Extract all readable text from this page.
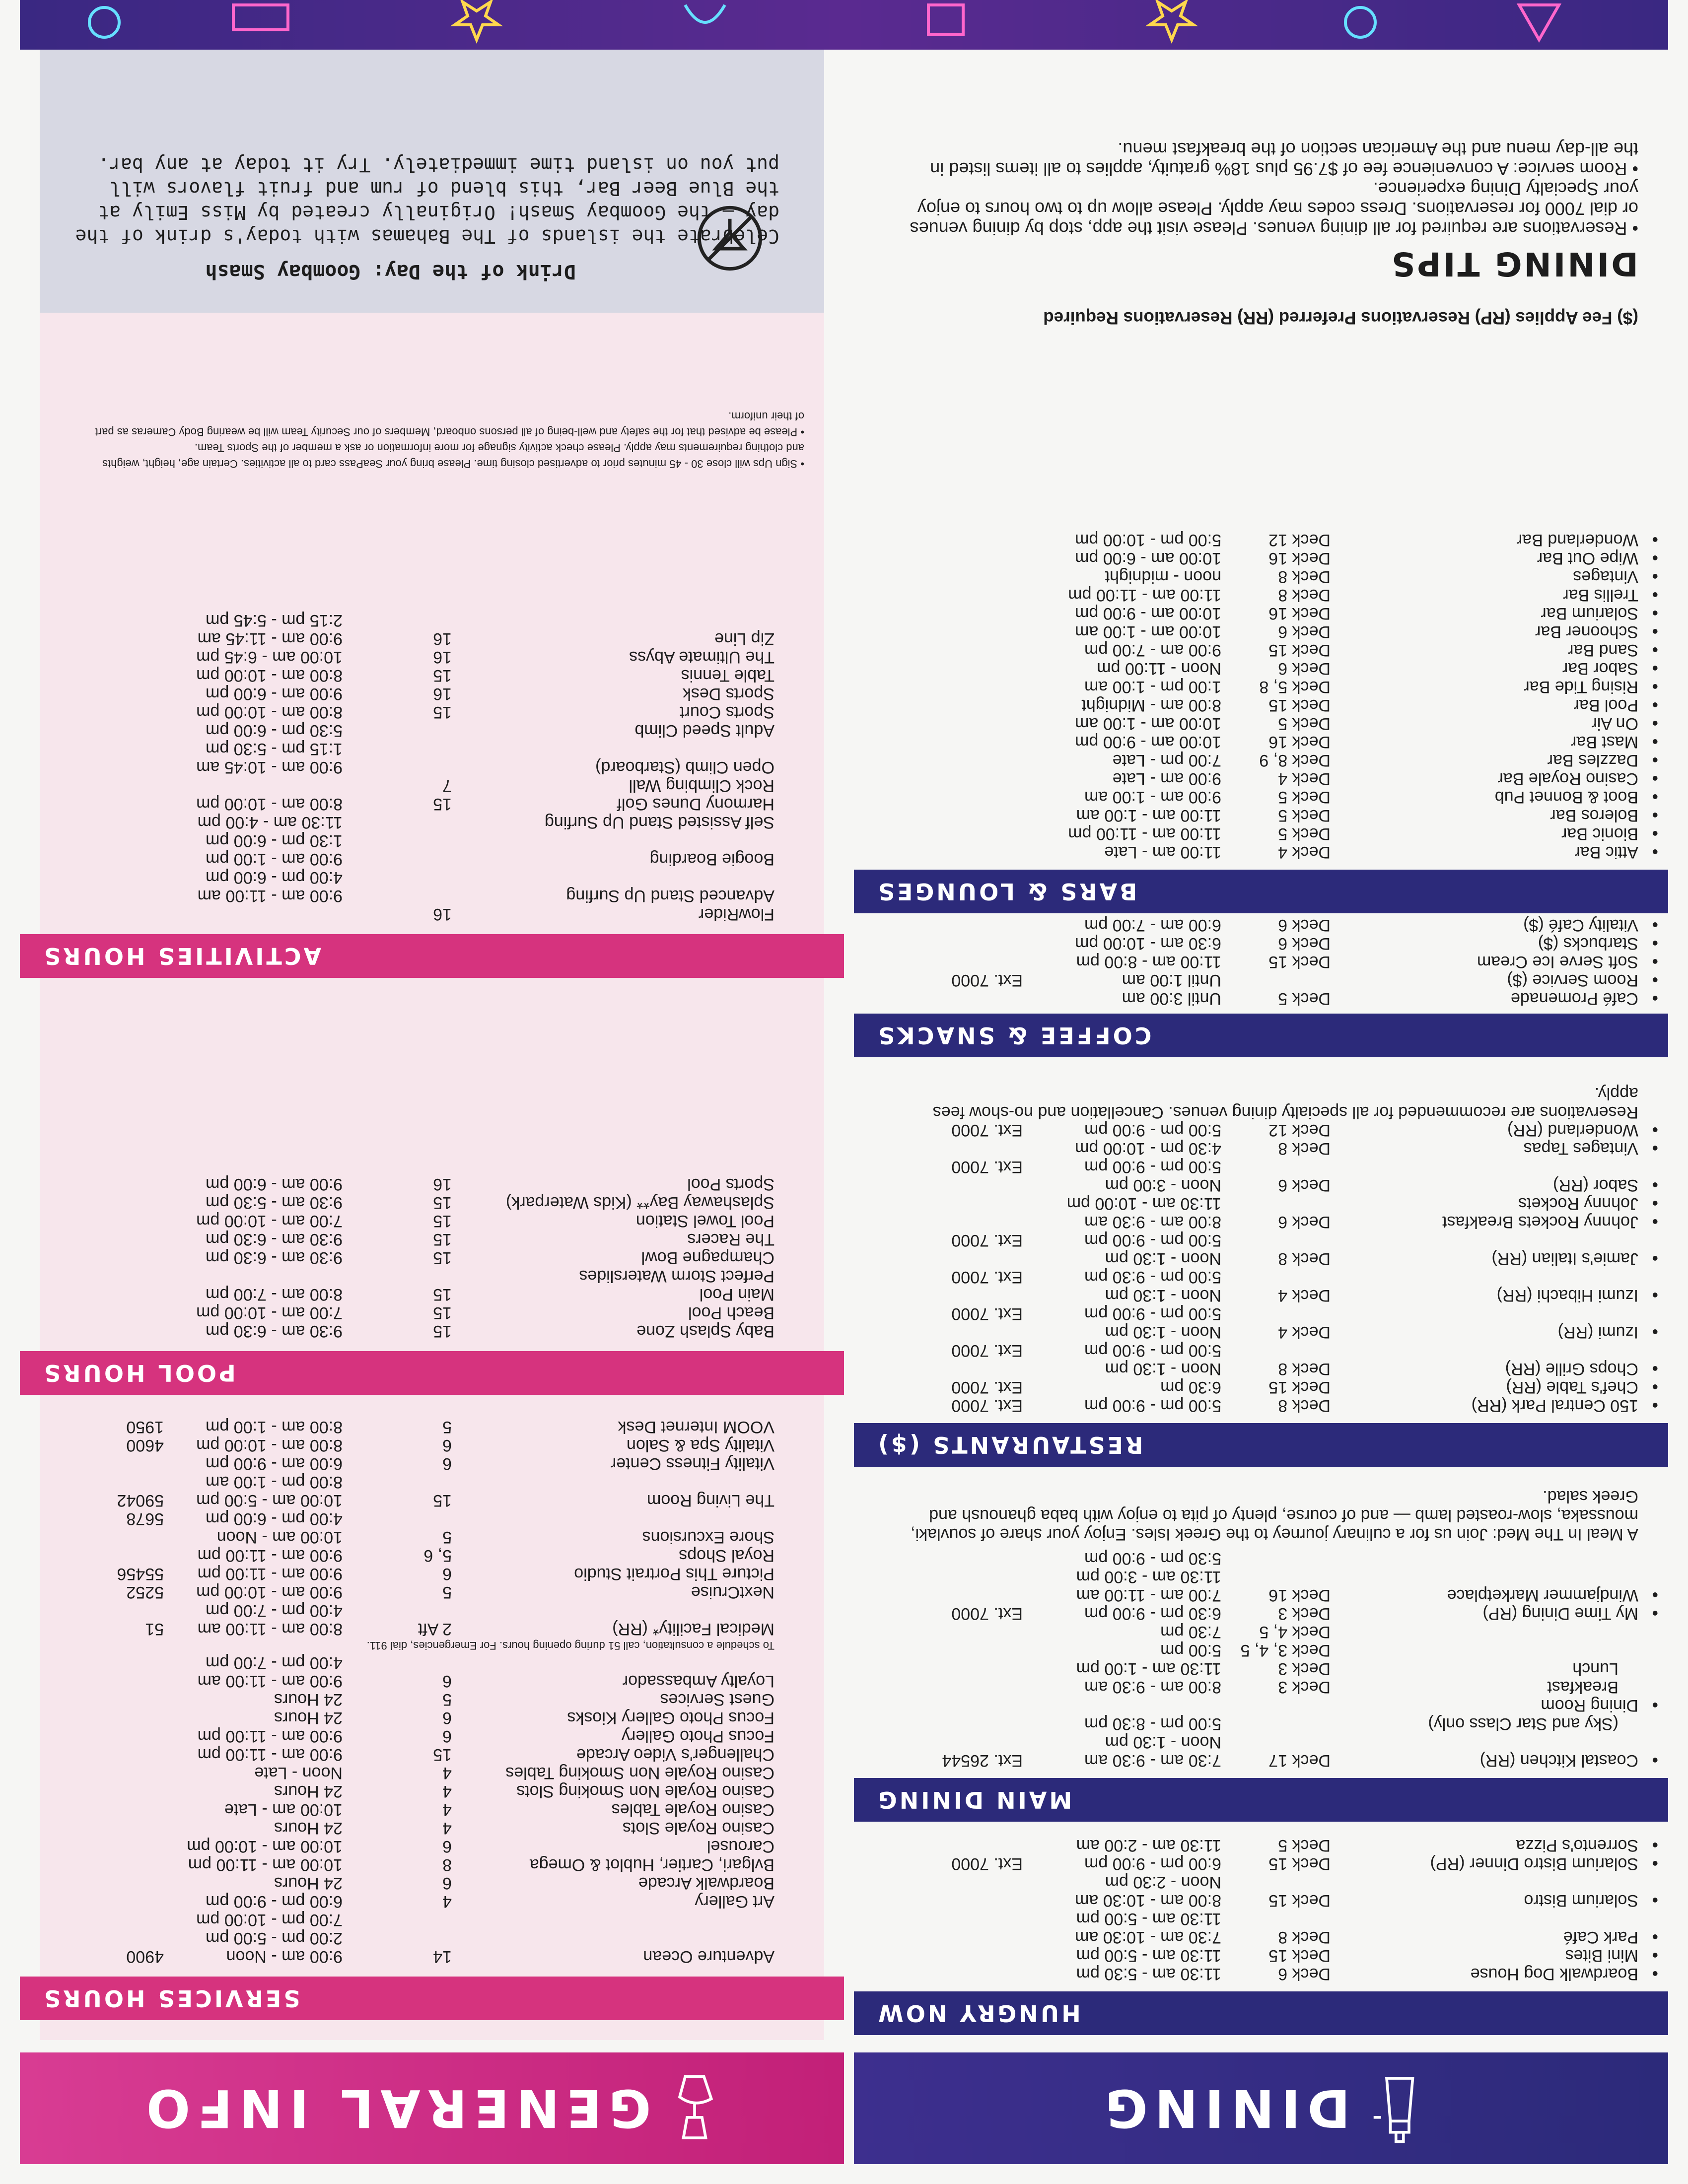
DINING
HUNGRY NOW
•
Boardwalk Dog House
Deck 6
11:30 am - 5:30 pm
•
Mini Bites
Deck 15
11:30 am - 5:00 pm
•
Park Café
Deck 8
7:30 am - 10:30 am
11:30 am - 5:00 pm
•
Solarium Bistro
Deck 15
8:00 am - 10:30 am
Noon - 2:30 pm
•
Solarium Bistro Dinner (RP)
Deck 15
6:00 pm - 9:00 pm
Ext. 7000
•
Sorrento's Pizza
Deck 5
11:30 am - 2:00 am
MAIN DINING
•
Coastal Kitchen (RR)
Deck 17
7:30 am - 9:30 am
Ext. 26544
Noon - 1:30 pm
(Sky and Star Class only)
5:00 pm - 8:30 pm
•
Dining Room
Breakfast
Deck 3
8:00 am - 9:30 am
Lunch
Deck 3
11:30 am - 1:00 pm
Deck 3, 4, 5
5:00 pm
Deck 4, 5
7:30 pm
•
My Time Dining (RP)
Deck 3
6:30 pm - 9:00 pm
Ext. 7000
•
Windjammer Marketplace
Deck 16
7:00 am - 11:00 am
11:30 am - 3:00 pm
5:30 pm - 9:00 pm
A Meal In The Med: Join us for a culinary journey to the Greek Isles. Enjoy your share of souvlaki, moussaka, slow-roasted lamb — and of course, plenty of pita to enjoy with baba ghanoush and Greek salad.
RESTAURANTS ($)
•
150 Central Park (RR)
Deck 8
5:00 pm - 9:00 pm
Ext. 7000
•
Chef's Table (RR)
Deck 15
6:30 pm
Ext. 7000
•
Chops Grille (RR)
Deck 8
Noon - 1:30 pm
5:00 pm - 9:00 pm
Ext. 7000
•
Izumi (RR)
Deck 4
Noon - 1:30 pm
5:00 pm - 9:00 pm
Ext. 7000
•
Izumi Hibachi (RR)
Deck 4
Noon - 1:30 pm
5:00 pm - 9:30 pm
Ext. 7000
•
Jamie's Italian (RR)
Deck 8
Noon - 1:30 pm
5:00 pm - 9:00 pm
Ext. 7000
•
Johnny Rockets Breakfast
Deck 6
8:00 am - 9:30 am
•
Johnny Rockets
11:30 am - 10:00 pm
•
Sabor (RR)
Deck 6
Noon - 3:00 pm
5:00 pm - 9:00 pm
Ext. 7000
•
Vintages Tapas
Deck 8
4:30 pm - 10:00 pm
•
Wonderland (RR)
Deck 12
5:00 pm - 9:00 pm
Ext. 7000
Reservations are recommended for all specialty dining venues. Cancellation and no-show fees apply.
COFFEE & SNACKS
•
Café Promenade
Deck 5
Until 3:00 am
•
Room Service ($)
Until 1:00 am
Ext. 7000
•
Soft Serve Ice Cream
Deck 15
11:00 am - 8:00 pm
•
Starbucks ($)
Deck 6
6:30 am - 10:00 pm
•
Vitality Café ($)
Deck 6
6:00 am - 7:00 pm
BARS & LOUNGES
•
Attic Bar
Deck 4
11:00 am - Late
•
Bionic Bar
Deck 5
11:00 am - 11:00 pm
•
Boleros Bar
Deck 5
11:00 am - 1:00 am
•
Boot & Bonnet Pub
Deck 5
9:00 am - 1:00 am
•
Casino Royale Bar
Deck 4
9:00 am - Late
•
Dazzles Bar
Deck 8, 9
7:00 pm - Late
•
Mast Bar
Deck 16
10:00 am - 9:00 pm
•
On Air
Deck 5
10:00 am - 1:00 am
•
Pool Bar
Deck 15
8:00 am - Midnight
•
Rising Tide Bar
Deck 5, 8
1:00 pm - 1:00 am
•
Sabor Bar
Deck 6
Noon - 11:00 pm
•
Sand Bar
Deck 15
9:00 am - 7:00 pm
•
Schooner Bar
Deck 6
10:00 am - 1:00 am
•
Solarium Bar
Deck 16
10:00 am - 9:00 pm
•
Trellis Bar
Deck 8
11:00 am - 11:00 pm
•
Vintages
Deck 8
noon - midnight
•
Wipe Out Bar
Deck 16
10:00 am - 6:00 pm
•
Wonderland Bar
Deck 12
5:00 pm - 10:00 pm
($) Fee Applies (RP) Reservations Preferred (RR) Reservations Required
DINING TIPS
• Reservations are required for all dining venues. Please visit the app, stop by dining venues or dial 7000 for reservations. Dress codes may apply. Please allow up to two hours to enjoy your Specialty Dining experience.
• Room service: A convenience fee of $7.95 plus 18% gratuity, applies to all items listed in the all-day menu and the American section of the breakfast menu.
GENERAL INFO
SERVICES HOURS
Adventure Ocean
14
9:00 am - Noon
4900
2:00 pm - 5:00 pm
7:00 pm - 10:00 pm
Art Gallery
4
6:00 pm - 9:00 pm
Boardwalk Arcade
6
24 Hours
Bvlgari, Cartier, Hublot & Omega
8
10:00 am - 11:00 pm
Carousel
6
10:00 am - 10:00 pm
Casino Royale Slots
4
24 Hours
Casino Royale Tables
4
10:00 am - Late
Casino Royale Non Smoking Slots
4
24 Hours
Casino Royale Non Smoking Tables
4
Noon - Late
Challenger's Video Arcade
15
9:00 am - 11:00 pm
Focus Photo Gallery
6
9:00 am - 11:00 pm
Focus Photo Gallery Kiosks
6
24 Hours
Guest Services
5
24 Hours
Loyalty Ambassador
6
9:00 am - 11:00 am
4:00 pm - 7:00 pm
To schedule a consultation, call 51 during opening hours. For Emergencies, dial 911.
Medical Facility* (RR)
2 Aft
8:00 am - 11:00 am
51
4:00 pm - 7:00 pm
NextCruise
5
9:00 am - 10:00 pm
5252
Picture This Portrait Studio
6
9:00 am - 11:00 pm
55456
Royal Shops
5, 6
9:00 am - 11:00 pm
Shore Excursions
5
10:00 am - Noon
4:00 pm - 6:00 pm
5678
The Living Room
15
10:00 am - 5:00 pm
59042
8:00 pm - 1:00 am
Vitality Fitness Center
6
6:00 am - 9:00 pm
Vitality Spa & Salon
6
8:00 am - 10:00 pm
4600
VOOM Internet Desk
5
8:00 am - 1:00 pm
1950
POOL HOURS
Baby Splash Zone
15
9:30 am - 6:30 pm
Beach Pool
15
7:00 am - 10:00 pm
Main Pool
15
8:00 am - 7:00 pm
Perfect Storm Waterslides
Champagne Bowl
15
9:30 am - 6:30 pm
The Racers
15
9:30 am - 6:30 pm
Pool Towel Station
15
7:00 am - 10:00 pm
Splashaway Bay** (Kids Waterpark)
15
9:30 am - 5:30 pm
Sports Pool
16
9:00 am - 6:00 pm
ACTIVITIES HOURS
FlowRider
16
Advanced Stand Up Surfing
9:00 am - 11:00 am
4:00 pm - 6:00 pm
Boogie Boarding
9:00 am - 1:00 pm
1:30 pm - 6:00 pm
Self Assisted Stand Up Surfing
11:30 am - 4:00 pm
Harmony Dunes Golf
15
8:00 am - 10:00 pm
Rock Climbing Wall
7
Open Climb (Starboard)
9:00 am - 10:45 am
1:15 pm - 5:30 pm
Adult Speed Climb
5:30 pm - 6:00 pm
Sports Court
15
8:00 am - 10:00 pm
Sports Desk
16
9:00 am - 6:00 pm
Table Tennis
15
8:00 am - 10:00 pm
The Ultimate Abyss
16
10:00 am - 6:45 pm
Zip Line
16
9:00 am - 11:45 am
2:15 pm - 5:45 pm
• Sign Ups will close 30 - 45 minutes prior to advertised closing time. Please bring your SeaPass card to all activities. Certain age, height, weights and clothing requirements may apply. Please check activity signage for more information or ask a member of the Sports Team.
• Please be advised that for the safety and well-being of all persons onboard, Members of our Security Team will be wearing Body Cameras as part of their uniform.
Drink of the Day: Goombay Smash
Celebrate the islands of The Bahamas with today's drink of the day — the Goombay Smash! Originally created by Miss Emily at the Blue Beer Bar, this blend of rum and fruit flavors will put you on island time immediately. Try it today at any bar.
